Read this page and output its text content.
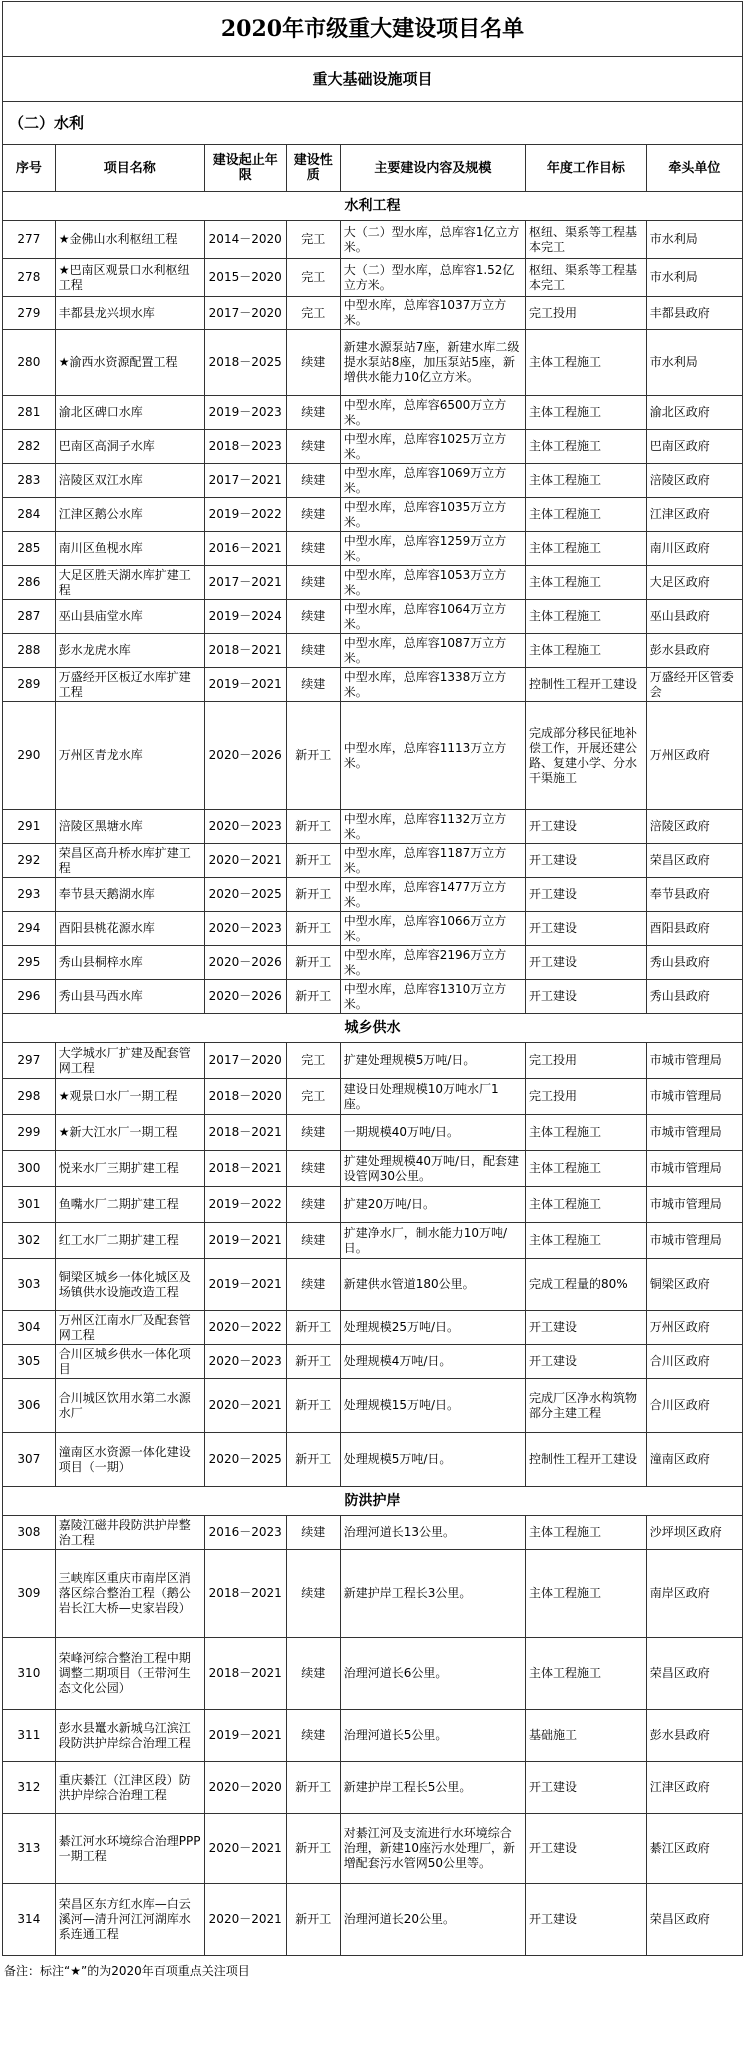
2020年市级重大建设项目名单						
重大基础设施项目						
（二）水利						
序号	项目名称	建设起止年限	建设性质	主要建设内容及规模	年度工作目标	牵头单位
水利工程						
277	★金佛山水利枢纽工程	2014－2020	完工	大（二）型水库，总库容1亿立方米。	枢纽、渠系等工程基本完工	市水利局
278	★巴南区观景口水利枢纽工程	2015－2020	完工	大（二）型水库，总库容1.52亿立方米。	枢纽、渠系等工程基本完工	市水利局
279	丰都县龙兴坝水库	2017－2020	完工	中型水库，总库容1037万立方米。	完工投用	丰都县政府
280	★渝西水资源配置工程	2018－2025	续建	新建水源泵站7座，新建水库二级提水泵站8座，加压泵站5座，新增供水能力10亿立方米。	主体工程施工	市水利局
281	渝北区碑口水库	2019－2023	续建	中型水库，总库容6500万立方米。	主体工程施工	渝北区政府
282	巴南区高洞子水库	2018－2023	续建	中型水库，总库容1025万立方米。	主体工程施工	巴南区政府
283	涪陵区双江水库	2017－2021	续建	中型水库，总库容1069万立方米。	主体工程施工	涪陵区政府
284	江津区鹅公水库	2019－2022	续建	中型水库，总库容1035万立方米。	主体工程施工	江津区政府
285	南川区鱼枧水库	2016－2021	续建	中型水库，总库容1259万立方米。	主体工程施工	南川区政府
286	大足区胜天湖水库扩建工程	2017－2021	续建	中型水库，总库容1053万立方米。	主体工程施工	大足区政府
287	巫山县庙堂水库	2019－2024	续建	中型水库，总库容1064万立方米。	主体工程施工	巫山县政府
288	彭水龙虎水库	2018－2021	续建	中型水库，总库容1087万立方米。	主体工程施工	彭水县政府
289	万盛经开区板辽水库扩建工程	2019－2021	续建	中型水库，总库容1338万立方米。	控制性工程开工建设	万盛经开区管委会
290	万州区青龙水库	2020－2026	新开工	中型水库，总库容1113万立方米。	完成部分移民征地补偿工作，开展还建公路、复建小学、分水干渠施工	万州区政府
291	涪陵区黑塘水库	2020－2023	新开工	中型水库，总库容1132万立方米。	开工建设	涪陵区政府
292	荣昌区高升桥水库扩建工程	2020－2021	新开工	中型水库，总库容1187万立方米。	开工建设	荣昌区政府
293	奉节县天鹅湖水库	2020－2025	新开工	中型水库，总库容1477万立方米。	开工建设	奉节县政府
294	酉阳县桃花源水库	2020－2023	新开工	中型水库，总库容1066万立方米。	开工建设	酉阳县政府
295	秀山县桐梓水库	2020－2026	新开工	中型水库，总库容2196万立方米。	开工建设	秀山县政府
296	秀山县马西水库	2020－2026	新开工	中型水库，总库容1310万立方米。	开工建设	秀山县政府
城乡供水						
297	大学城水厂扩建及配套管网工程	2017－2020	完工	扩建处理规模5万吨/日。	完工投用	市城市管理局
298	★观景口水厂一期工程	2018－2020	完工	建设日处理规模10万吨水厂1座。	完工投用	市城市管理局
299	★新大江水厂一期工程	2018－2021	续建	一期规模40万吨/日。	主体工程施工	市城市管理局
300	悦来水厂三期扩建工程	2018－2021	续建	扩建处理规模40万吨/日，配套建设管网30公里。	主体工程施工	市城市管理局
301	鱼嘴水厂二期扩建工程	2019－2022	续建	扩建20万吨/日。	主体工程施工	市城市管理局
302	红工水厂二期扩建工程	2019－2021	续建	扩建净水厂，制水能力10万吨/日。	主体工程施工	市城市管理局
303	铜梁区城乡一体化城区及场镇供水设施改造工程	2019－2021	续建	新建供水管道180公里。	完成工程量的80%	铜梁区政府
304	万州区江南水厂及配套管网工程	2020－2022	新开工	处理规模25万吨/日。	开工建设	万州区政府
305	合川区城乡供水一体化项目	2020－2023	新开工	处理规模4万吨/日。	开工建设	合川区政府
306	合川城区饮用水第二水源水厂	2020－2021	新开工	处理规模15万吨/日。	完成厂区净水构筑物部分主建工程	合川区政府
307	潼南区水资源一体化建设项目（一期）	2020－2025	新开工	处理规模5万吨/日。	控制性工程开工建设	潼南区政府
防洪护岸						
308	嘉陵江磁井段防洪护岸整治工程	2016－2023	续建	治理河道长13公里。	主体工程施工	沙坪坝区政府
309	三峡库区重庆市南岸区消落区综合整治工程（鹅公岩长江大桥—史家岩段）	2018－2021	续建	新建护岸工程长3公里。	主体工程施工	南岸区政府
310	荣峰河综合整治工程中期调整二期项目（王带河生态文化公园）	2018－2021	续建	治理河道长6公里。	主体工程施工	荣昌区政府
311	彭水县鼍水新城乌江滨江段防洪护岸综合治理工程	2019－2021	续建	治理河道长5公里。	基础施工	彭水县政府
312	重庆綦江（江津区段）防洪护岸综合治理工程	2020－2020	新开工	新建护岸工程长5公里。	开工建设	江津区政府
313	綦江河水环境综合治理PPP一期工程	2020－2021	新开工	对綦江河及支流进行水环境综合治理，新建10座污水处理厂，新增配套污水管网50公里等。	开工建设	綦江区政府
314	荣昌区东方红水库—白云溪河—清升河江河湖库水系连通工程	2020－2021	新开工	治理河道长20公里。	开工建设	荣昌区政府
备注：标注“★”的为2020年百项重点关注项目
